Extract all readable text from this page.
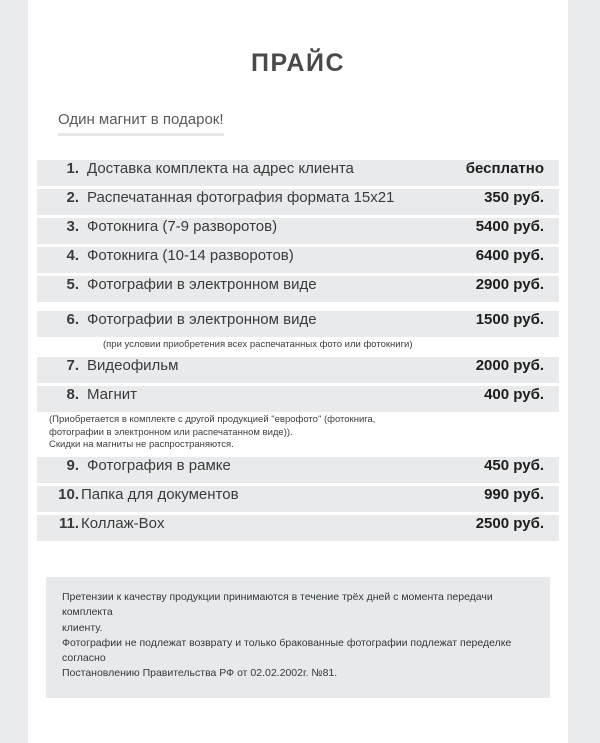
ПРАЙС
Один магнит в подарок!
1. Доставка комплекта на адрес клиента	бесплатно
2. Распечатанная фотография формата 15х21	350 руб.
3. Фотокнига (7-9 разворотов)	5400 руб.
4. Фотокнига (10-14 разворотов)	6400 руб.
5. Фотографии в электронном виде	2900 руб.
6. Фотографии в электронном виде	1500 руб.
(при условии приобретения всех распечатанных фото или фотокниги)
7. Видеофильм	2000 руб.
8. Магнит	400 руб.
(Приобретается в комплекте с другой продукцией "еврофото" (фотокнига,
фотографии в электронном или распечатанном виде)).
Скидки на магниты не распространяются.
9. Фотография в рамке	450 руб.
10. Папка для документов	990 руб.
11. Коллаж-Box	2500 руб.

Претензии к качеству продукции принимаются в течение трёх дней с момента передачи комплекта

клиенту.

Фотографии не подлежат возврату и только бракованные фотографии подлежат переделке согласно

Постановлению Правительства РФ от 02.02.2002г. №81.
